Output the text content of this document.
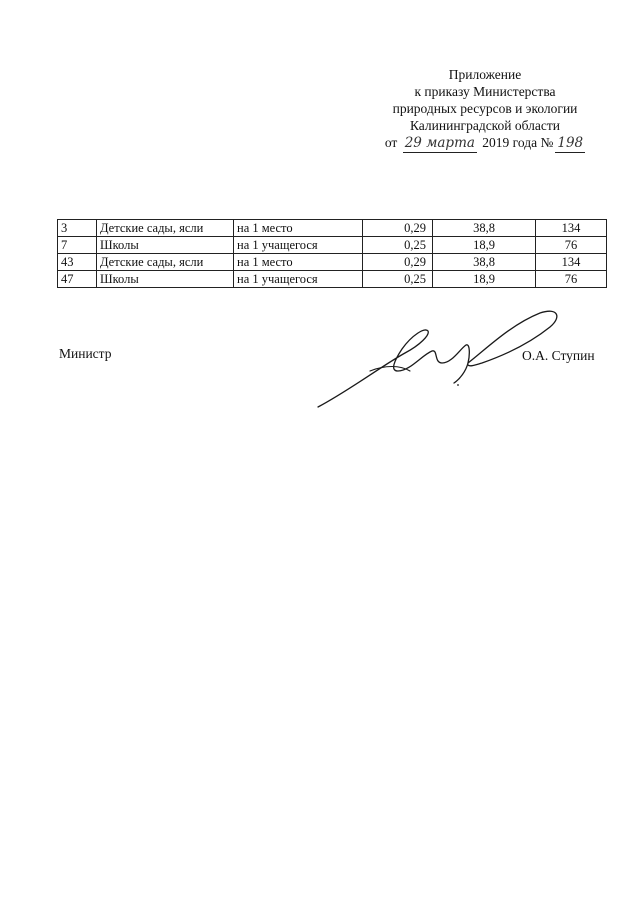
Приложение
к приказу Министерства
природных ресурсов и экологии
Калининградской области
от 29 марта 2019 года № 198
3	Детские сады, ясли	на 1 место	0,29	38,8	134
7	Школы	на 1 учащегося	0,25	18,9	76
43	Детские сады, ясли	на 1 место	0,29	38,8	134
47	Школы	на 1 учащегося	0,25	18,9	76
Министр	О.А. Ступин
